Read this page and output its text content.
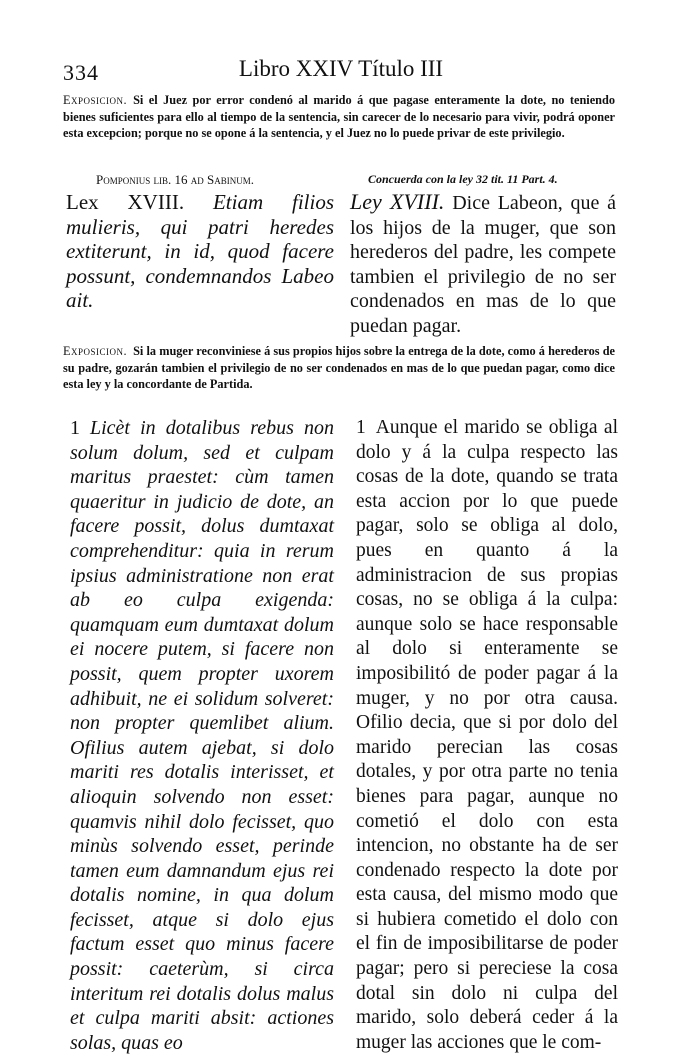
334	Libro XXIV Título III
Exposicion. Si el Juez por error condenó al marido á que pagase enteramente la dote, no teniendo bienes suficientes para ello al tiempo de la sentencia, sin carecer de lo necesario para vivir, podrá oponer esta excepcion; porque no se opone á la sentencia, y el Juez no lo puede privar de este privilegio.
Pomponius lib. 16 ad Sabinum.	Concuerda con la ley 32 tit. 11 Part. 4.
Lex XVIII. Etiam filios mulieris, qui patri heredes extiterunt, in id, quod facere possunt, condemnandos Labeo ait.
Ley XVIII. Dice Labeon, que á los hijos de la muger, que son herederos del padre, les compete tambien el privilegio de no ser condenados en mas de lo que puedan pagar.
Exposicion. Si la muger reconviniese á sus propios hijos sobre la entrega de la dote, como á herederos de su padre, gozarán tambien el privilegio de no ser condenados en mas de lo que puedan pagar, como dice esta ley y la concordante de Partida.
1 Licèt in dotalibus rebus non solum dolum, sed et culpam maritus praestet: cùm tamen quaeritur in judicio de dote, an facere possit, dolus dumtaxat comprehenditur: quia in rerum ipsius administratione non erat ab eo culpa exigenda: quamquam eum dumtaxat dolum ei nocere putem, si facere non possit, quem propter uxorem adhibuit, ne ei solidum solveret: non propter quemlibet alium. Ofilius autem ajebat, si dolo mariti res dotalis interisset, et alioquin solvendo non esset: quamvis nihil dolo fecisset, quo minùs solvendo esset, perinde tamen eum damnandum ejus rei dotalis nomine, in qua dolum fecisset, atque si dolo ejus factum esset quo minus facere possit: caeterùm, si circa interitum rei dotalis dolus malus et culpa mariti absit: actiones solas, quas eo
1 Aunque el marido se obliga al dolo y á la culpa respecto las cosas de la dote, quando se trata esta accion por lo que puede pagar, solo se obliga al dolo, pues en quanto á la administracion de sus propias cosas, no se obliga á la culpa: aunque solo se hace responsable al dolo si enteramente se imposibilitó de poder pagar á la muger, y no por otra causa. Ofilio decia, que si por dolo del marido perecian las cosas dotales, y por otra parte no tenia bienes para pagar, aunque no cometió el dolo con esta intencion, no obstante ha de ser condenado respecto la dote por esta causa, del mismo modo que si hubiera cometido el dolo con el fin de imposibilitarse de poder pagar; pero si pereciese la cosa dotal sin dolo ni culpa del marido, solo deberá ceder á la muger las acciones que le com-
